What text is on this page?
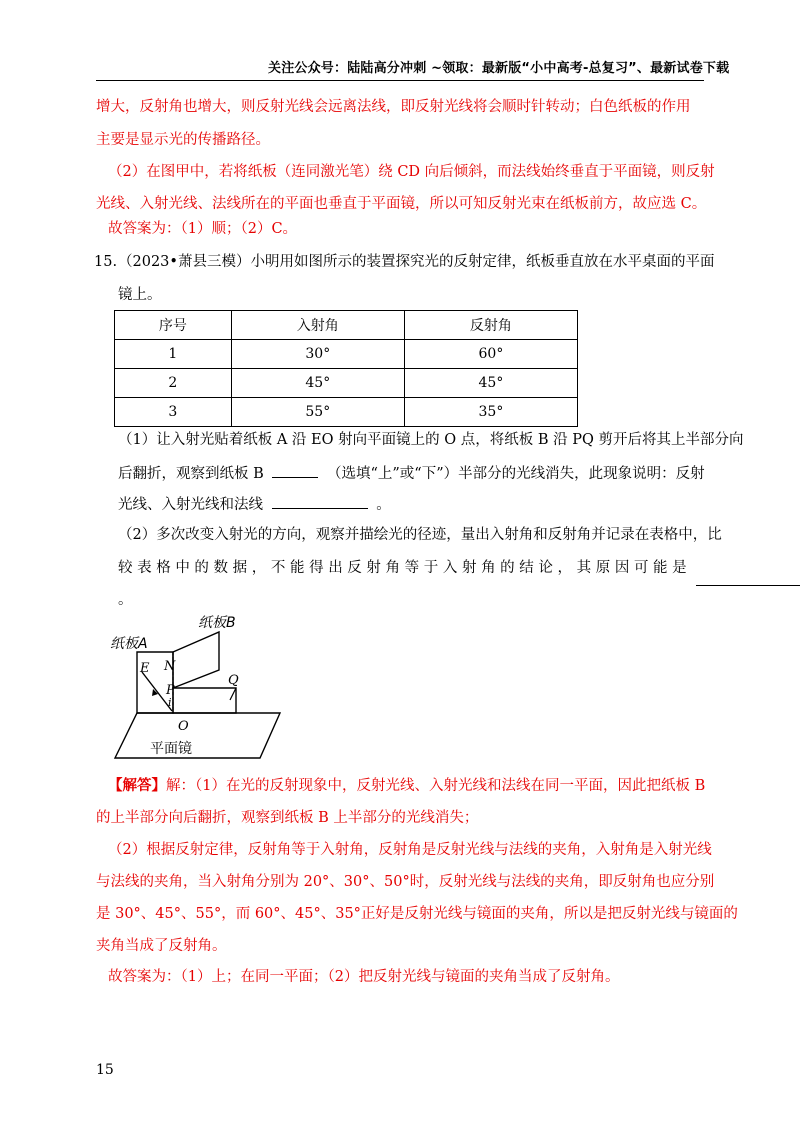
关注公众号：陆陆高分冲刺 ~领取：最新版“小中高考-总复习”、最新试卷下载
增大，反射角也增大，则反射光线会远离法线，即反射光线将会顺时针转动；白色纸板的作用
主要是显示光的传播路径。
（2）在图甲中，若将纸板（连同激光笔）绕 CD 向后倾斜，而法线始终垂直于平面镜，则反射
光线、入射光线、法线所在的平面也垂直于平面镜，所以可知反射光束在纸板前方，故应选 C。
故答案为：（1）顺；（2）C。
15. （2023•萧县三模）小明用如图所示的装置探究光的反射定律，纸板垂直放在水平桌面的平面
镜上。
序号	入射角	反射角
1	30°	60°
2	45°	45°
3	55°	35°
（1）让入射光贴着纸板 A 沿 EO 射向平面镜上的 O 点，将纸板 B 沿 PQ 剪开后将其上半部分向
后翻折，观察到纸板 B	（选填“上”或“下”）半部分的光线消失，此现象说明：反射
光线、入射光线和法线	。
（2）多次改变入射光的方向，观察并描绘光的径迹，量出入射角和反射角并记录在表格中，比
较 表 格 中 的 数 据 ， 不 能 得 出 反 射 角 等 于 入 射 角 的 结 论 ， 其 原 因 可 能 是
。
纸板A
纸板B
E N
P
i
Q
O
平面镜
【解答】解：（1）在光的反射现象中，反射光线、入射光线和法线在同一平面，因此把纸板 B
的上半部分向后翻折，观察到纸板 B 上半部分的光线消失；
（2）根据反射定律，反射角等于入射角，反射角是反射光线与法线的夹角，入射角是入射光线
与法线的夹角，当入射角分别为 20°、30°、50°时，反射光线与法线的夹角，即反射角也应分别
是 30°、45°、55°，而 60°、45°、35°正好是反射光线与镜面的夹角，所以是把反射光线与镜面的
夹角当成了反射角。
故答案为：（1）上；在同一平面；（2）把反射光线与镜面的夹角当成了反射角。
15
